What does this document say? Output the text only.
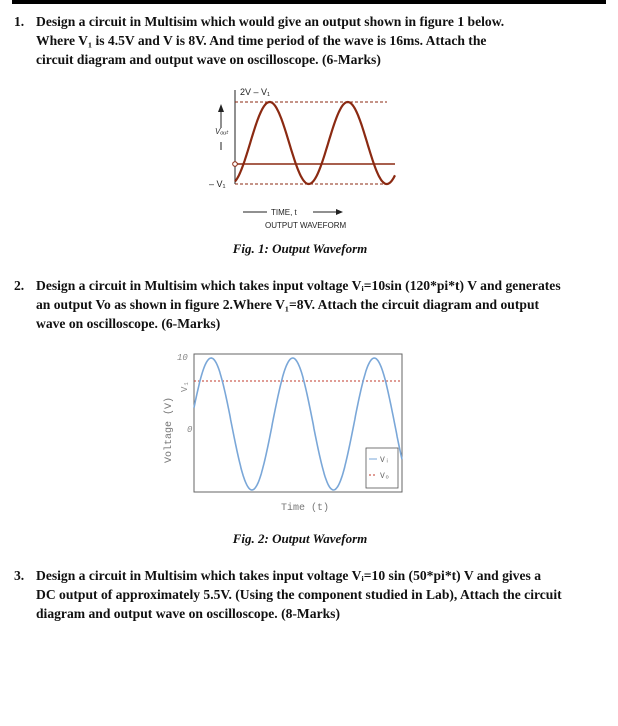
1. Design a circuit in Multisim which would give an output shown in figure 1 below.
Where V₁ is 4.5V and V is 8V. And time period of the wave is 16ms. Attach the
circuit diagram and output wave on oscilloscope. (6-Marks)
Vₒᵤₜ
2V – V₁
– V₁
TIME, t
OUTPUT WAVEFORM
Fig. 1: Output Waveform
2. Design a circuit in Multisim which takes input voltage Vᵢ=10sin (120*pi*t) V and generates
an output Vo as shown in figure 2.Where V₁=8V. Attach the circuit diagram and output
wave on oscilloscope. (6-Marks)
Voltage (V)
10
V₁
0
Vᵢ
Vₒ
Time (t)
Fig. 2: Output Waveform
3. Design a circuit in Multisim which takes input voltage Vᵢ=10 sin (50*pi*t) V and gives a
DC output of approximately 5.5V. (Using the component studied in Lab), Attach the circuit
diagram and output wave on oscilloscope. (8-Marks)
